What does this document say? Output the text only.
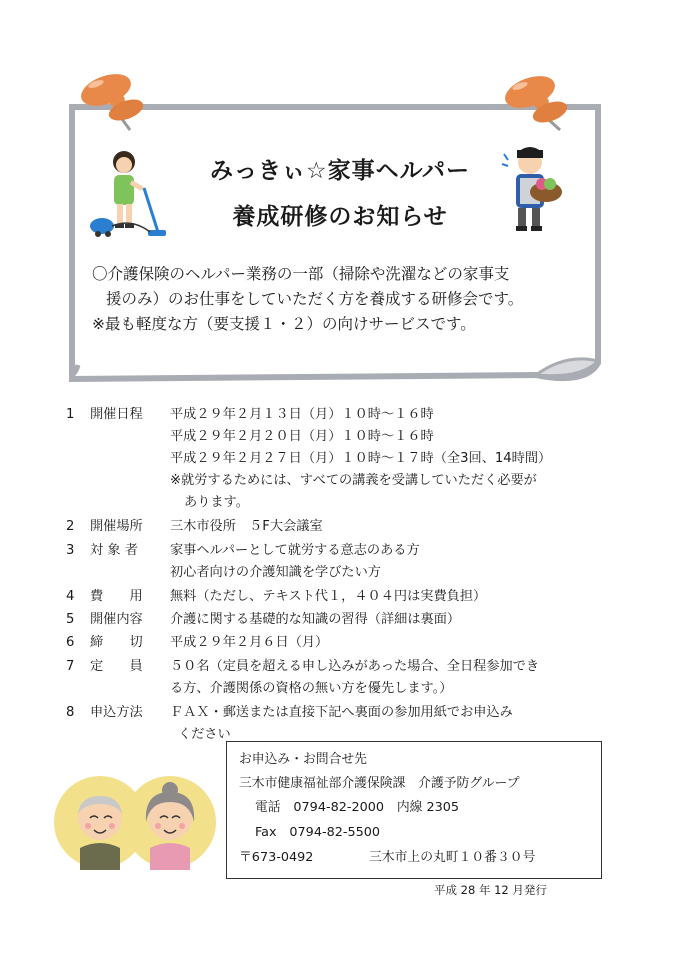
みっきぃ☆家事ヘルパー
養成研修のお知らせ
〇介護保険のヘルパー業務の一部（掃除や洗濯などの家事支
援のみ）のお仕事をしていただく方を養成する研修会です。
※最も軽度な方（要支援１・２）の向けサービスです。
1	開催日程	平成２９年２月１３日（月）１０時～１６時
平成２９年２月２０日（月）１０時～１６時
平成２９年２月２７日（月）１０時～１７時（全3回、14時間）
※就労するためには、すべての講義を受講していただく必要が
あります。
2	開催場所	三木市役所　５F大会議室
3	対 象 者	家事ヘルパーとして就労する意志のある方
初心者向けの介護知識を学びたい方
4	費　　用	無料（ただし、テキスト代１，４０４円は実費負担）
5	開催内容	介護に関する基礎的な知識の習得（詳細は裏面）
6	締　　切	平成２９年２月６日（月）
7	定　　員	５０名（定員を超える申し込みがあった場合、全日程参加でき
る方、介護関係の資格の無い方を優先します。）
8	申込方法	ＦＡＸ・郵送または直接下記へ裏面の参加用紙でお申込み
ください
お申込み・お問合せ先
三木市健康福祉部介護保険課　介護予防グループ
電話　0794-82-2000　内線 2305
Fax　0794-82-5500
〒673-0492	三木市上の丸町１０番３０号
平成 28 年 12 月発行
